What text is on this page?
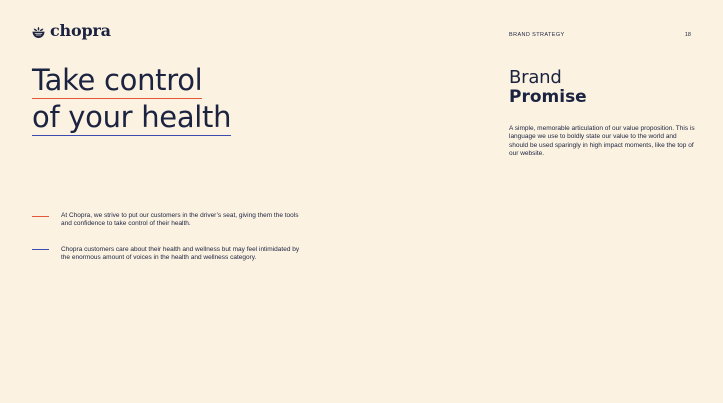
chopra	BRAND STRATEGY	18
Take control
of your health
Brand
Promise

A simple, memorable articulation of our value proposition. This is language we use to boldly state our value to the world and should be used sparingly in high impact moments, like the top of our website.

At Chopra, we strive to put our customers in the driver’s seat, giving them the tools and confidence to take control of their health.
Chopra customers care about their health and wellness but may feel intimidated by the enormous amount of voices in the health and wellness category.
